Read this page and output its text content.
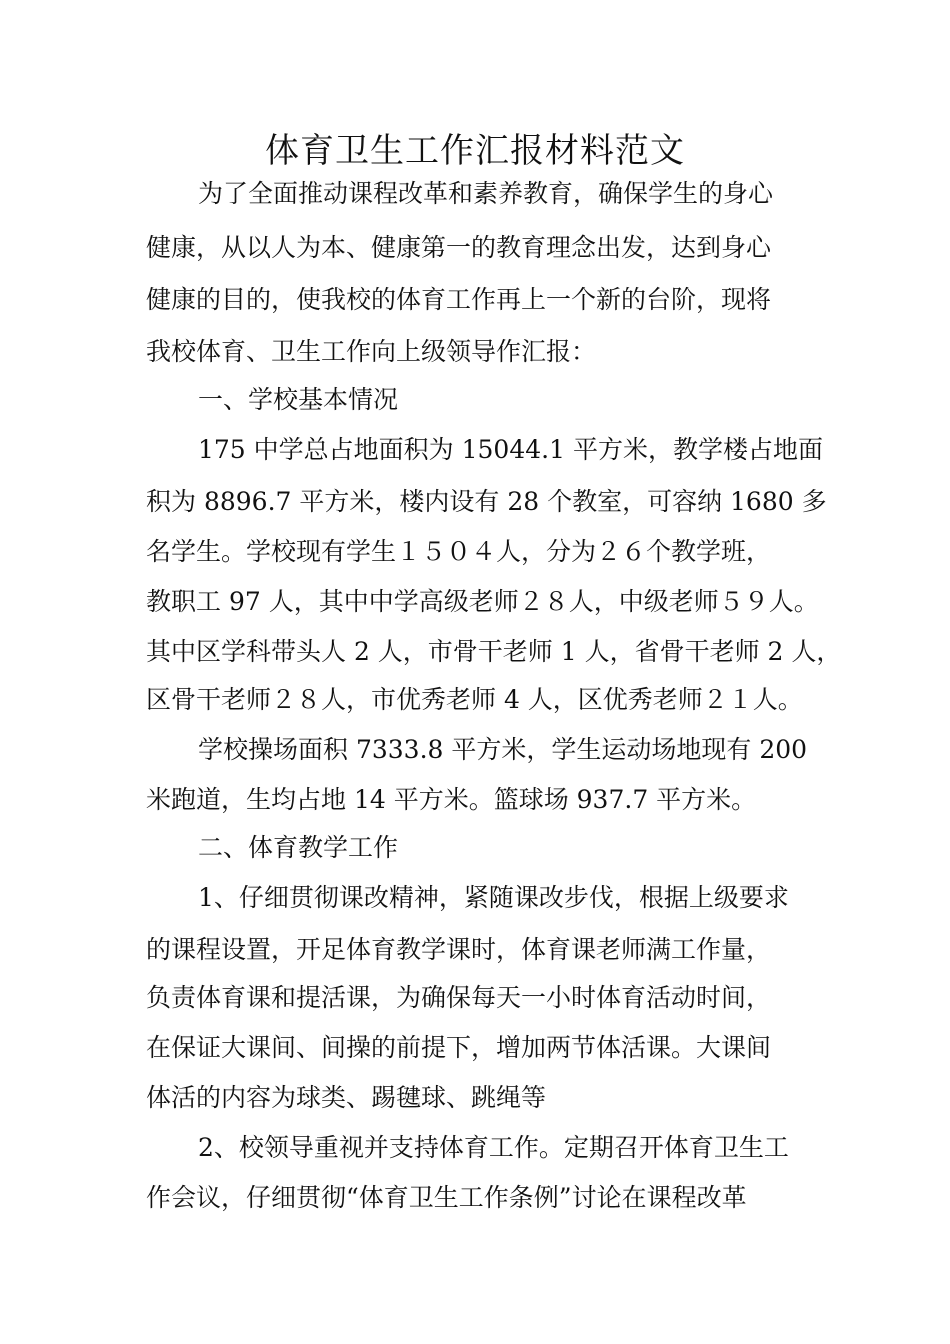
体育卫生工作汇报材料范文

为了全面推动课程改革和素养教育，确保学生的身心

健康，从以人为本、健康第一的教育理念出发，达到身心

健康的目的，使我校的体育工作再上一个新的台阶，现将

我校体育、卫生工作向上级领导作汇报：

一、学校基本情况

175 中学总占地面积为 15044.1 平方米，教学楼占地面

积为 8896.7 平方米，楼内设有 28 个教室，可容纳 1680 多

名学生。学校现有学生１５０４人，分为２６个教学班，

教职工 97 人，其中中学高级老师２８人，中级老师５９人。

其中区学科带头人 2 人，市骨干老师 1 人，省骨干老师 2 人，

区骨干老师２８人，市优秀老师 4 人，区优秀老师２１人。

学校操场面积 7333.8 平方米，学生运动场地现有 200

米跑道，生均占地 14 平方米。篮球场 937.7 平方米。

二、体育教学工作

1、仔细贯彻课改精神，紧随课改步伐，根据上级要求

的课程设置，开足体育教学课时，体育课老师满工作量，

负责体育课和提活课，为确保每天一小时体育活动时间，

在保证大课间、间操的前提下，增加两节体活课。大课间

体活的内容为球类、踢毽球、跳绳等

2、校领导重视并支持体育工作。定期召开体育卫生工

作会议，仔细贯彻“体育卫生工作条例”讨论在课程改革
